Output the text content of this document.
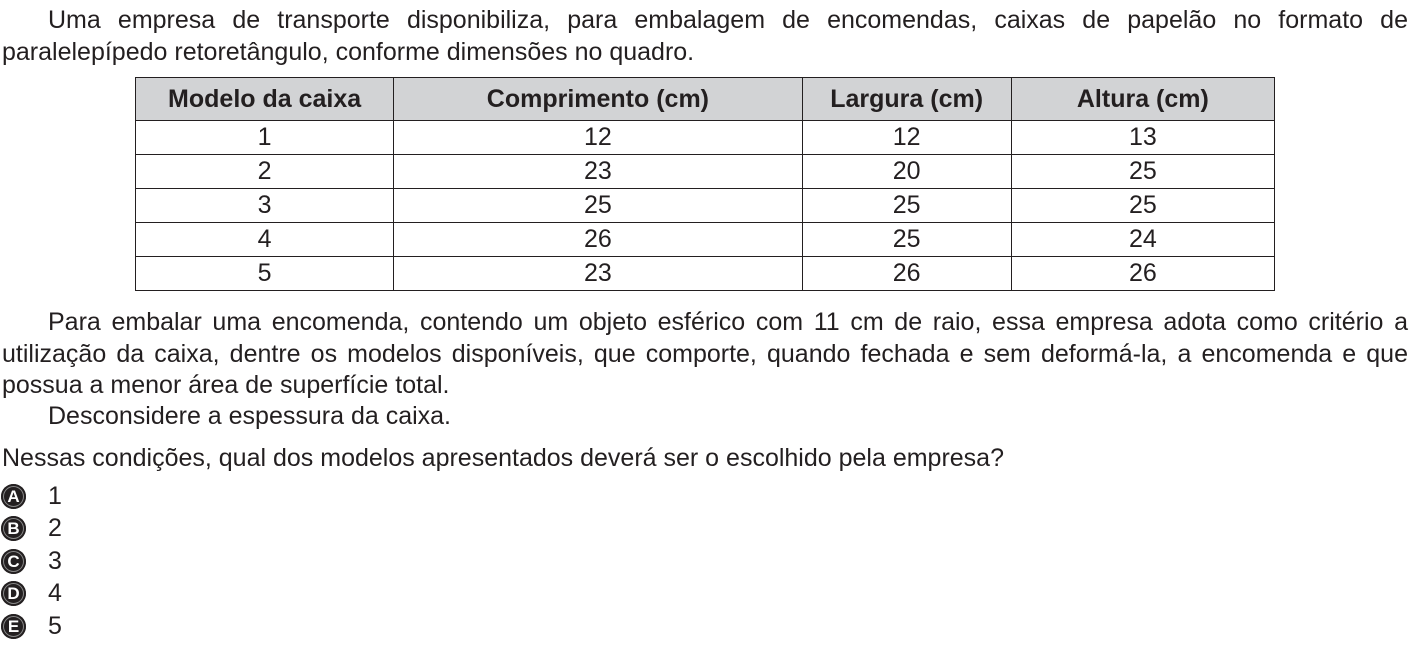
Uma empresa de transporte disponibiliza, para embalagem de encomendas, caixas de papelão no formato de paralelepípedo retoretângulo, conforme dimensões no quadro.

Modelo da caixa	Comprimento (cm)	Largura (cm)	Altura (cm)
1	12	12	13
2	23	20	25
3	25	25	25
4	26	25	24
5	23	26	26

Para embalar uma encomenda, contendo um objeto esférico com 11 cm de raio, essa empresa adota como critério a utilização da caixa, dentre os modelos disponíveis, que comporte, quando fechada e sem deformá-la, a encomenda e que possua a menor área de superfície total.

Desconsidere a espessura da caixa.

Nessas condições, qual dos modelos apresentados deverá ser o escolhido pela empresa?

A 1
B 2
C 3
D 4
E 5
